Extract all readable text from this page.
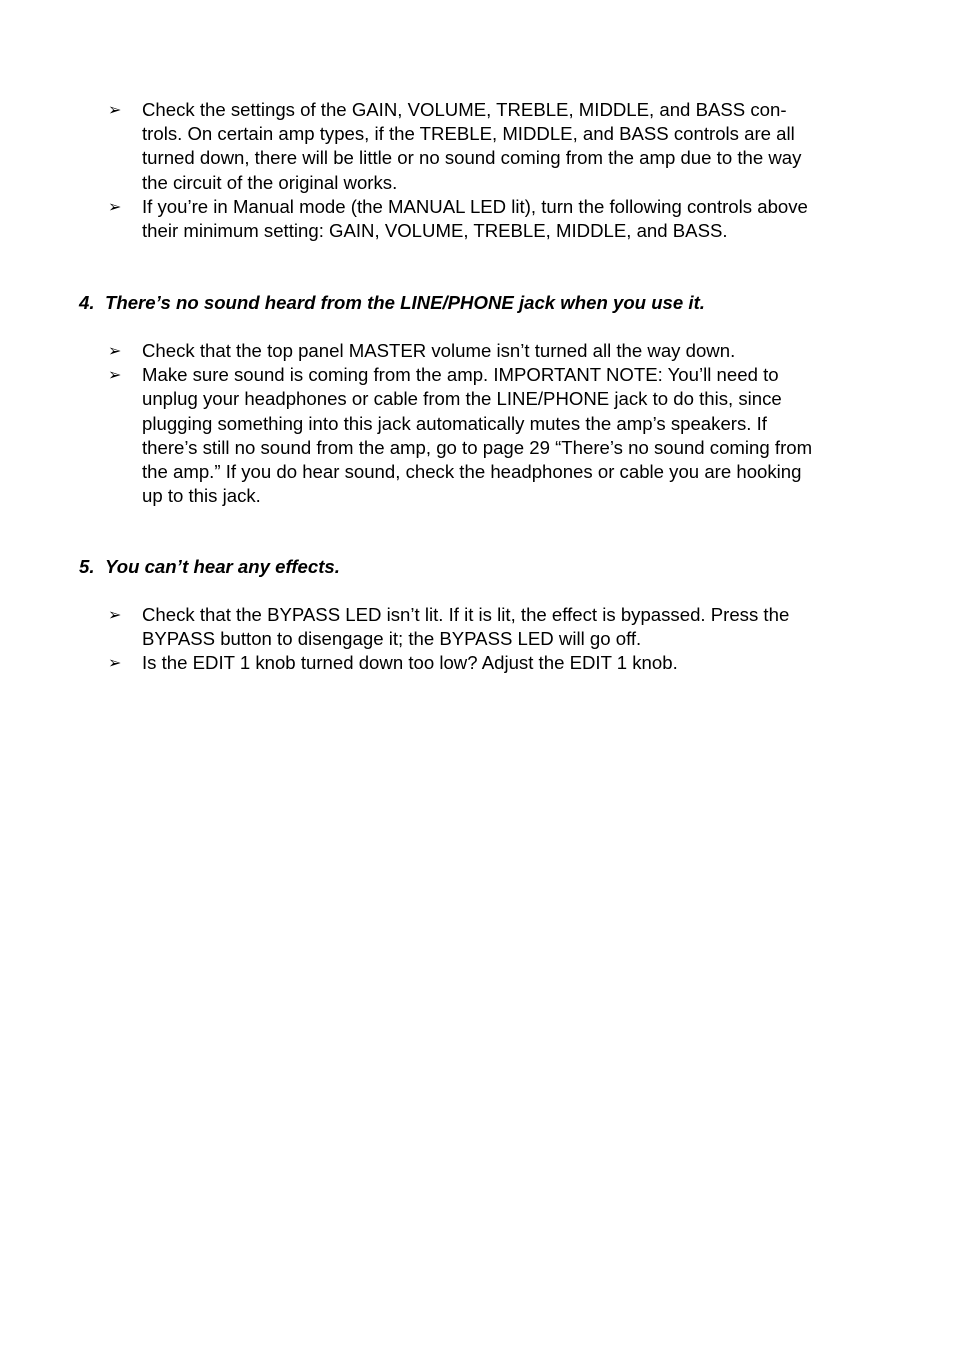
➢	Check the settings of the GAIN, VOLUME, TREBLE, MIDDLE, and BASS con-
trols. On certain amp types, if the TREBLE, MIDDLE, and BASS controls are all
turned down, there will be little or no sound coming from the amp due to the way
the circuit of the original works.
➢	If you’re in Manual mode (the MANUAL LED lit), turn the following controls above
their minimum setting: GAIN, VOLUME, TREBLE, MIDDLE, and BASS.
4. There’s no sound heard from the LINE/PHONE jack when you use it.
➢	Check that the top panel MASTER volume isn’t turned all the way down.
➢	Make sure sound is coming from the amp. IMPORTANT NOTE: You’ll need to
unplug your headphones or cable from the LINE/PHONE jack to do this, since
plugging something into this jack automatically mutes the amp’s speakers. If
there’s still no sound from the amp, go to page 29 “There’s no sound coming from
the amp.” If you do hear sound, check the headphones or cable you are hooking
up to this jack.
5. You can’t hear any effects.
➢	Check that the BYPASS LED isn’t lit. If it is lit, the effect is bypassed. Press the
BYPASS button to disengage it; the BYPASS LED will go off.
➢	Is the EDIT 1 knob turned down too low? Adjust the EDIT 1 knob.
